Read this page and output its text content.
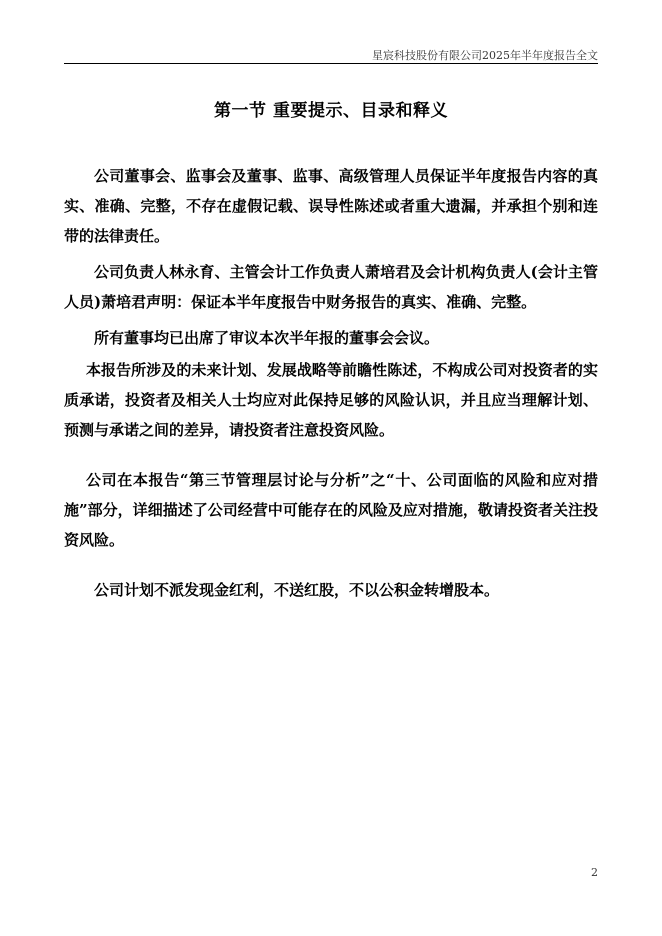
星宸科技股份有限公司2025年半年度报告全文
第一节 重要提示、目录和释义

公司董事会、监事会及董事、监事、高级管理人员保证半年度报告内容的真实、准确、完整，不存在虚假记载、误导性陈述或者重大遗漏，并承担个别和连带的法律责任。

公司负责人林永育、主管会计工作负责人萧培君及会计机构负责人(会计主管人员)萧培君声明：保证本半年度报告中财务报告的真实、准确、完整。

所有董事均已出席了审议本次半年报的董事会会议。

本报告所涉及的未来计划、发展战略等前瞻性陈述，不构成公司对投资者的实质承诺，投资者及相关人士均应对此保持足够的风险认识，并且应当理解计划、预测与承诺之间的差异，请投资者注意投资风险。

公司在本报告“第三节管理层讨论与分析”之“十、公司面临的风险和应对措施”部分，详细描述了公司经营中可能存在的风险及应对措施，敬请投资者关注投资风险。

公司计划不派发现金红利，不送红股，不以公积金转增股本。

2
